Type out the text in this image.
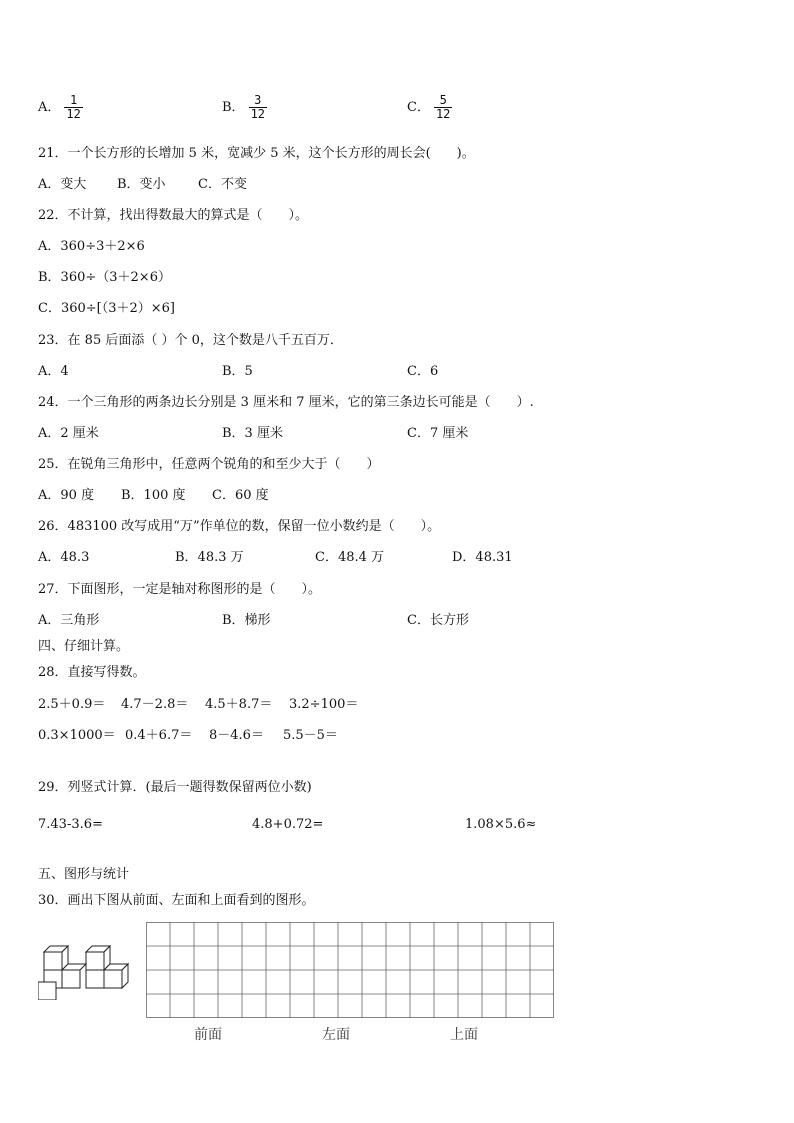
A． $\frac{1}{12}$	B． $\frac{3}{12}$	C． $\frac{5}{12}$
21．一个长方形的长增加 5 米，宽减少 5 米，这个长方形的周长会(　　)。
A．变大 B．变小 C．不变
22．不计算，找出得数最大的算式是（　　）。
A．360÷3＋2×6
B．360÷（3＋2×6）
C．360÷[（3＋2）×6]
23．在 85 后面添（ ）个 0，这个数是八千五百万．
A．4	B．5	C．6
24．一个三角形的两条边长分别是 3 厘米和 7 厘米，它的第三条边长可能是（　　）.
A．2 厘米	B．3 厘米	C．7 厘米
25．在锐角三角形中，任意两个锐角的和至少大于（　　）
A．90 度 B．100 度 C．60 度
26．483100 改写成用“万”作单位的数，保留一位小数约是（　　）。
A．48.3	B．48.3 万	C．48.4 万	D．48.31
27．下面图形，一定是轴对称图形的是（　　）。
A．三角形	B．梯形	C．长方形
四、仔细计算。
28．直接写得数。
2.5＋0.9＝ 4.7－2.8＝ 4.5＋8.7＝ 3.2÷100＝
0.3×1000＝ 0.4＋6.7＝ 8－4.6＝ 5.5－5＝
29．列竖式计算．(最后一题得数保留两位小数)
7.43-3.6=	4.8+0.72=	1.08×5.6≈
五、图形与统计
30．画出下图从前面、左面和上面看到的图形。
前面	左面	上面
